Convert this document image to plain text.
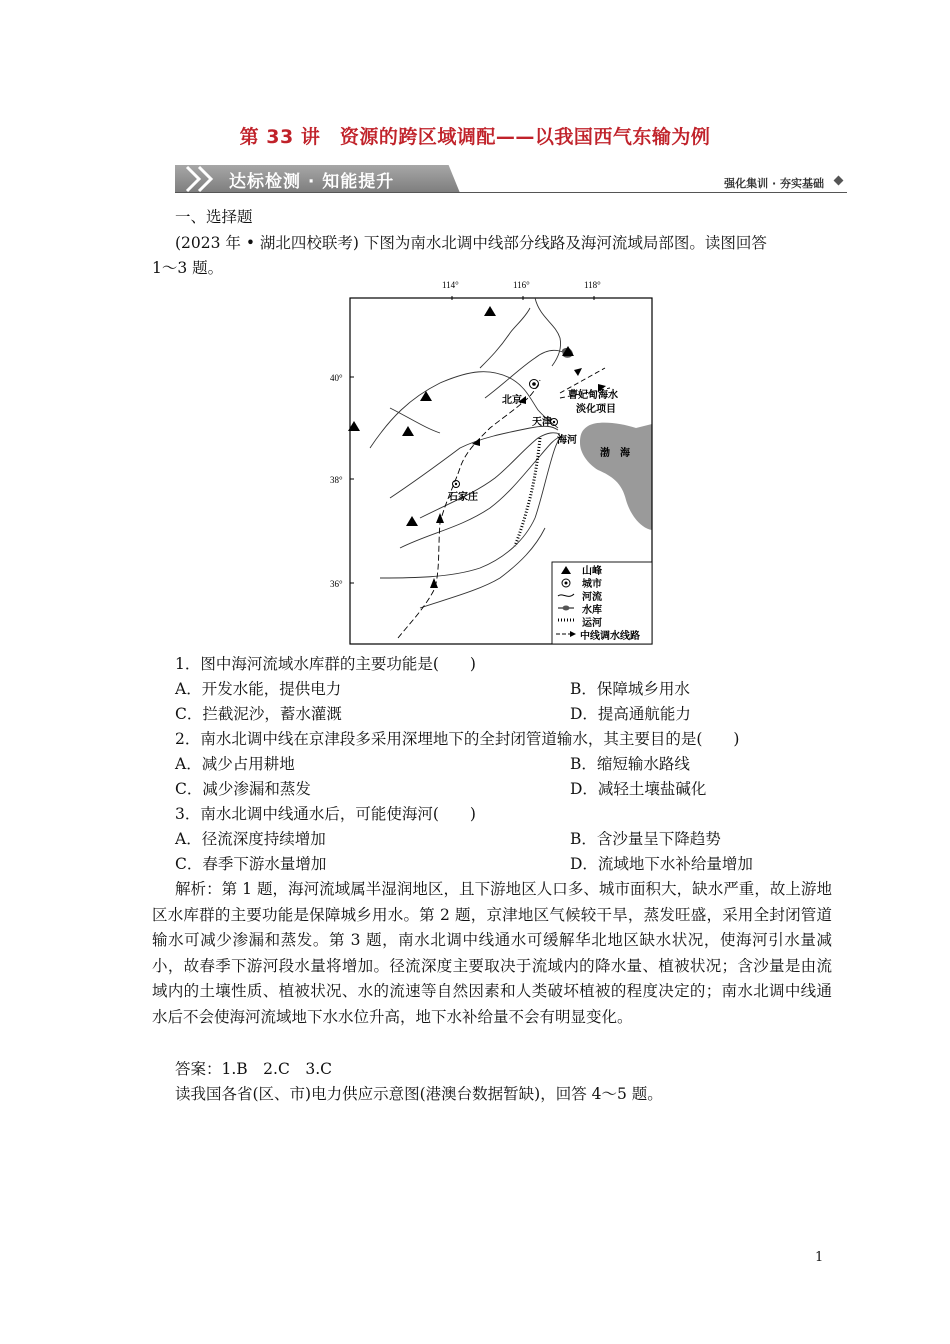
第 33 讲　资源的跨区域调配——以我国西气东输为例
达标检测 · 知能提升	强化集训 · 夯实基础
一、选择题
(2023 年 • 湖北四校联考) 下图为南水北调中线部分线路及海河流域局部图。读图回答
1～3 题。
114°	116°	118°
40°
38°
36°
北京
天津
海河
石家庄
曹妃甸海水
淡化项目
渤　海
山峰
城市
河流
水库
运河
中线调水线路
1．图中海河流域水库群的主要功能是(　　)
A．开发水能，提供电力	B．保障城乡用水
C．拦截泥沙，蓄水灌溉	D．提高通航能力
2．南水北调中线在京津段多采用深埋地下的全封闭管道输水，其主要目的是(　　)
A．减少占用耕地	B．缩短输水路线
C．减少渗漏和蒸发	D．减轻土壤盐碱化
3．南水北调中线通水后，可能使海河(　　)
A．径流深度持续增加	B．含沙量呈下降趋势
C．春季下游水量增加	D．流域地下水补给量增加
解析：第 1 题，海河流域属半湿润地区，且下游地区人口多、城市面积大，缺水严重，故上游地区水库群的主要功能是保障城乡用水。第 2 题，京津地区气候较干旱，蒸发旺盛，采用全封闭管道输水可减少渗漏和蒸发。第 3 题，南水北调中线通水可缓解华北地区缺水状况，使海河引水量减小，故春季下游河段水量将增加。径流深度主要取决于流域内的降水量、植被状况；含沙量是由流域内的土壤性质、植被状况、水的流速等自然因素和人类破坏植被的程度决定的；南水北调中线通水后不会使海河流域地下水水位升高，地下水补给量不会有明显变化。
答案：1.B　2.C　3.C
读我国各省(区、市)电力供应示意图(港澳台数据暂缺)，回答 4～5 题。
1
